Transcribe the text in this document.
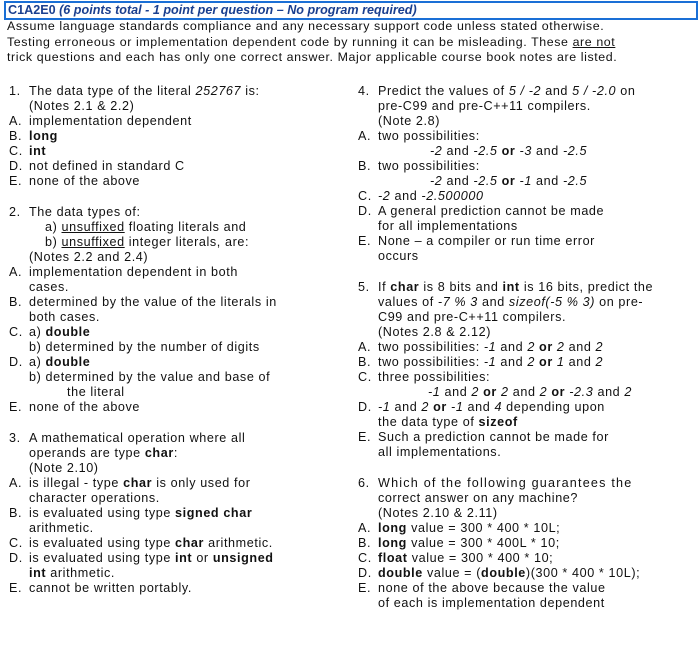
C1A2E0 (6 points total - 1 point per question – No program required)
Assume language standards compliance and any necessary support code unless stated otherwise.
Testing erroneous or implementation dependent code by running it can be misleading. These are not
trick questions and each has only one correct answer. Major applicable course book notes are listed.
1. The data type of the literal 252767 is:
(Notes 2.1 & 2.2)
A. implementation dependent
B. long
C. int
D. not defined in standard C
E. none of the above
2. The data types of:
a) unsuffixed floating literals and
b) unsuffixed integer literals, are:
(Notes 2.2 and 2.4)
A. implementation dependent in both
cases.
B. determined by the value of the literals in
both cases.
C. a) double
b) determined by the number of digits
D. a) double
b) determined by the value and base of
the literal
E. none of the above
3. A mathematical operation where all
operands are type char:
(Note 2.10)
A. is illegal - type char is only used for
character operations.
B. is evaluated using type signed char
arithmetic.
C. is evaluated using type char arithmetic.
D. is evaluated using type int or unsigned
int arithmetic.
E. cannot be written portably.
4. Predict the values of 5 / -2 and 5 / -2.0 on
pre-C99 and pre-C++11 compilers.
(Note 2.8)
A. two possibilities:
-2 and -2.5 or -3 and -2.5
B. two possibilities:
-2 and -2.5 or -1 and -2.5
C. -2 and -2.500000
D. A general prediction cannot be made
for all implementations
E. None – a compiler or run time error
occurs
5. If char is 8 bits and int is 16 bits, predict the
values of -7 % 3 and sizeof(-5 % 3) on pre-
C99 and pre-C++11 compilers.
(Notes 2.8 & 2.12)
A. two possibilities: -1 and 2 or 2 and 2
B. two possibilities: -1 and 2 or 1 and 2
C. three possibilities:
-1 and 2 or 2 and 2 or -2.3 and 2
D. -1 and 2 or -1 and 4 depending upon
the data type of sizeof
E. Such a prediction cannot be made for
all implementations.
6. Which of the following guarantees the
correct answer on any machine?
(Notes 2.10 & 2.11)
A. long value = 300 * 400 * 10L;
B. long value = 300 * 400L * 10;
C. float value = 300 * 400 * 10;
D. double value = (double)(300 * 400 * 10L);
E. none of the above because the value
of each is implementation dependent
